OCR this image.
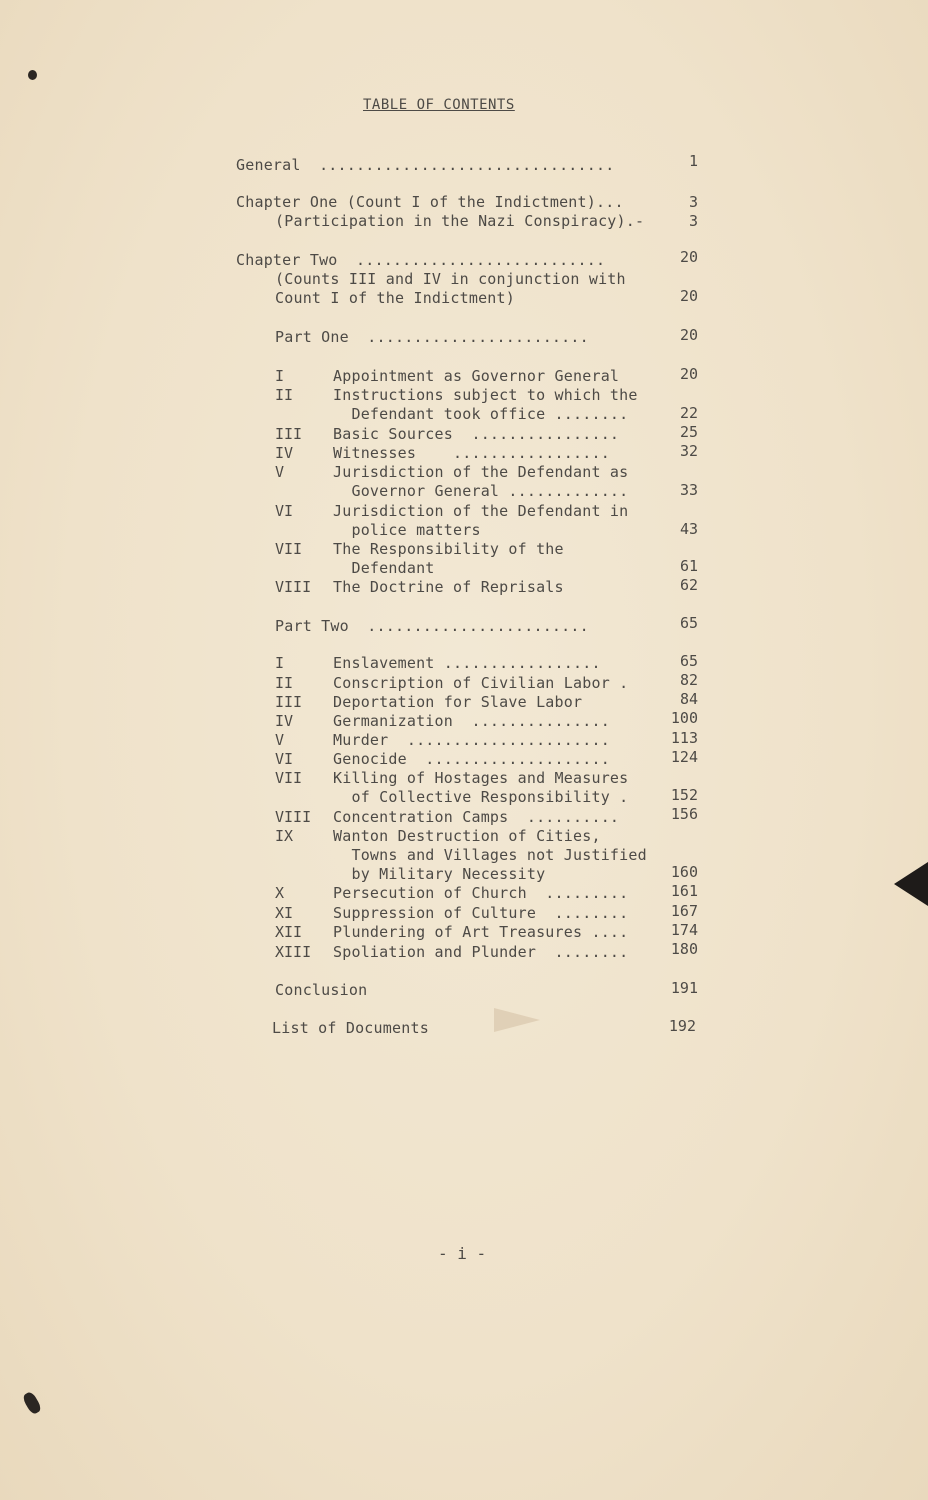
TABLE OF CONTENTS
General  ................................	1
Chapter One (Count I of the Indictment)...	3
(Participation in the Nazi Conspiracy).-	3
Chapter Two  ...........................	20
(Counts III and IV in conjunction with
Count I of the Indictment)	20
Part One  ........................	20
I	Appointment as Governor General	20
II	Instructions subject to which the
Defendant took office ........	22
III Basic Sources  ................	25
IV	Witnesses    .................	32
V	Jurisdiction of the Defendant as
Governor General .............	33
VI	Jurisdiction of the Defendant in
police matters	43
VII The Responsibility of the
Defendant	61
VIII The Doctrine of Reprisals	62
Part Two  ........................	65
I	Enslavement .................	65
II	Conscription of Civilian Labor .	82
III Deportation for Slave Labor	84
IV	Germanization  ...............	100
V	Murder  ......................	113
VI	Genocide  ....................	124
VII Killing of Hostages and Measures
of Collective Responsibility .	152
VIII Concentration Camps  ..........	156
IX	Wanton Destruction of Cities,
Towns and Villages not Justified
by Military Necessity	160
X	Persecution of Church  .........	161
XI	Suppression of Culture  ........	167
XII Plundering of Art Treasures ....	174
XIII Spoliation and Plunder  ........	180
Conclusion	191
List of Documents	192
- i -
